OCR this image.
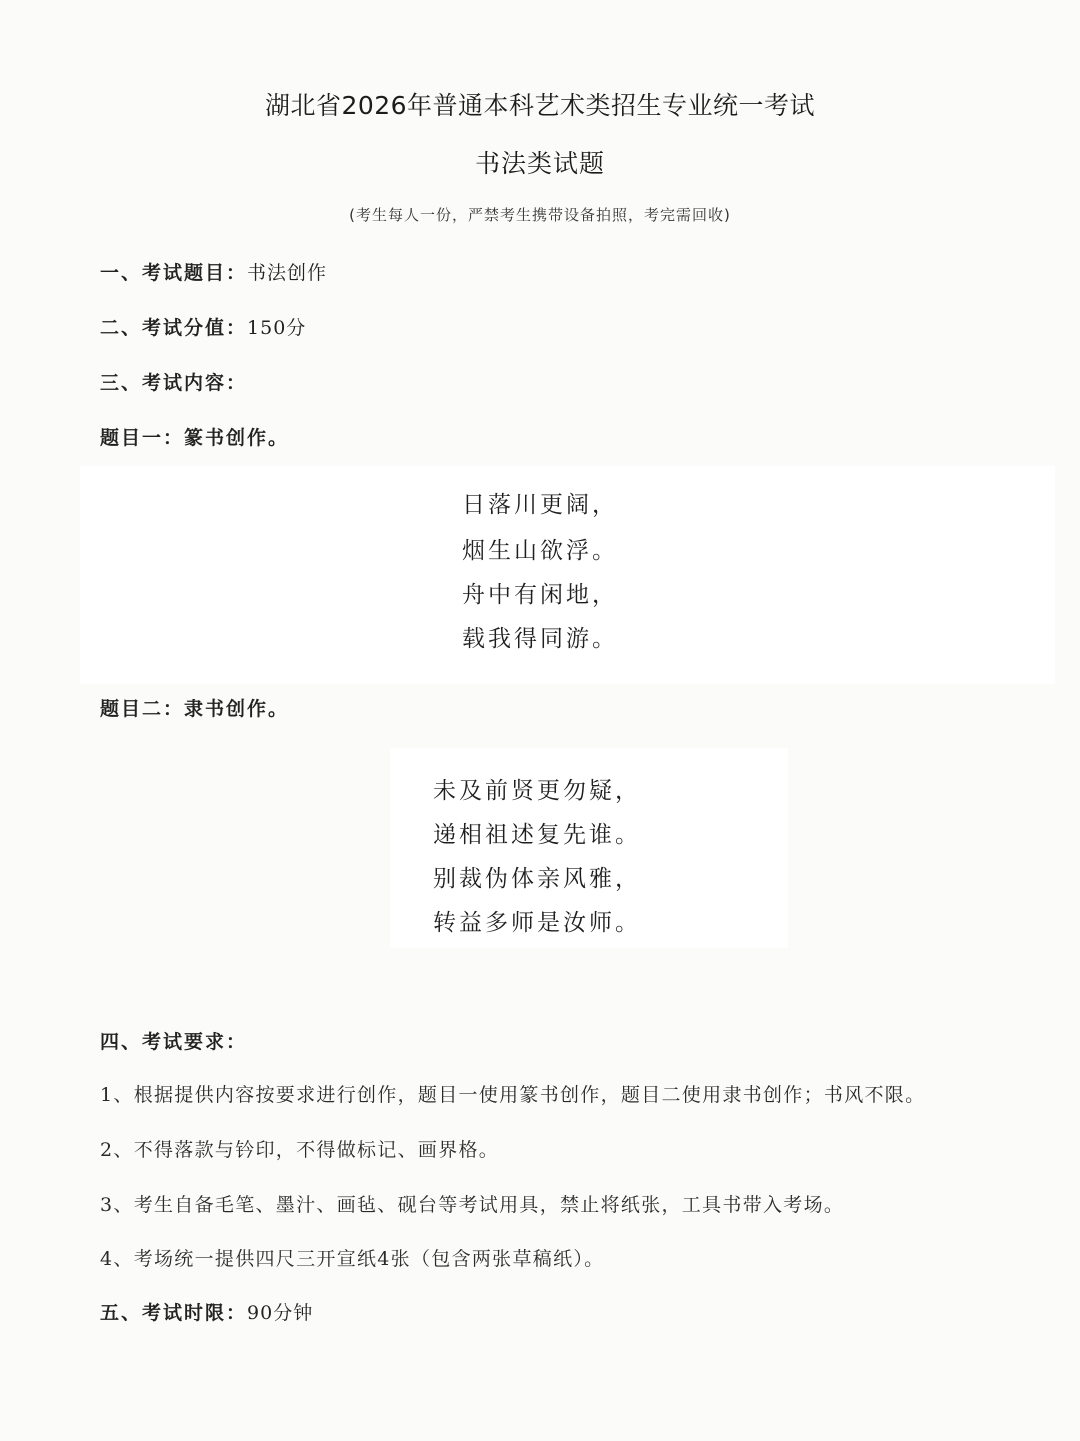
湖北省2026年普通本科艺术类招生专业统一考试
书法类试题
(考生每人一份，严禁考生携带设备拍照，考完需回收)
一、考试题目：书法创作
二、考试分值：150分
三、考试内容：
题目一：篆书创作。
日落川更阔，
烟生山欲浮。
舟中有闲地，
载我得同游。
题目二：隶书创作。
未及前贤更勿疑，
递相祖述复先谁。
别裁伪体亲风雅，
转益多师是汝师。
四、考试要求：
1、根据提供内容按要求进行创作，题目一使用篆书创作，题目二使用隶书创作；书风不限。
2、不得落款与钤印，不得做标记、画界格。
3、考生自备毛笔、墨汁、画毡、砚台等考试用具，禁止将纸张，工具书带入考场。
4、考场统一提供四尺三开宣纸4张（包含两张草稿纸）。
五、考试时限：90分钟
